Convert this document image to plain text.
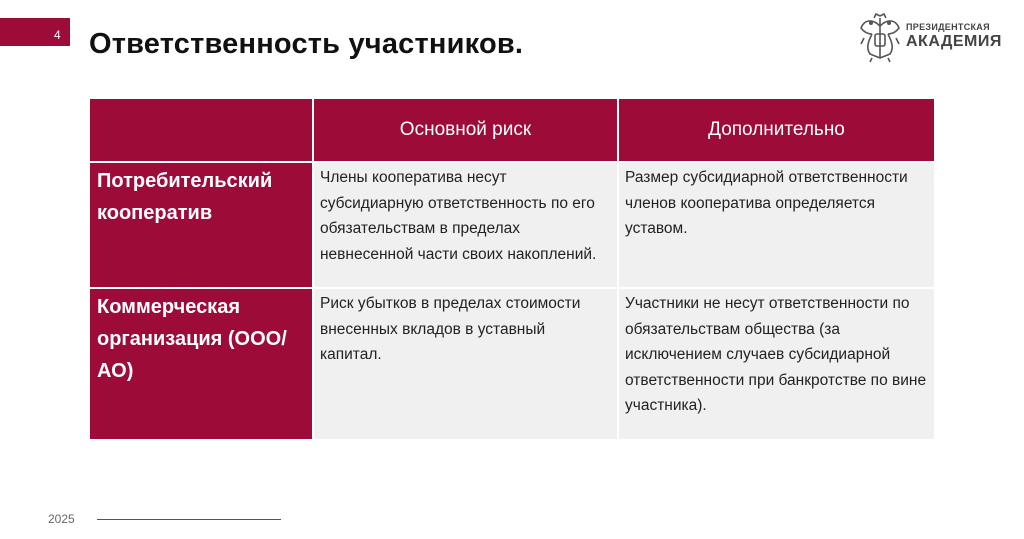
4 Ответственность участников.
ПРЕЗИДЕНТСКАЯ
АКАДЕМИЯ
	Основной риск	Дополнительно
Потребительский кооператив	Члены кооператива несут субсидиарную ответственность по его обязательствам в пределах невнесенной части своих накоплений.	Размер субсидиарной ответственности членов кооператива определяется уставом.
Коммерческая организация (ООО/АО)	Риск убытков в пределах стоимости внесенных вкладов в уставный капитал.	Участники не несут ответственности по обязательствам общества (за исключением случаев субсидиарной ответственности при банкротстве по вине участника).
2025
